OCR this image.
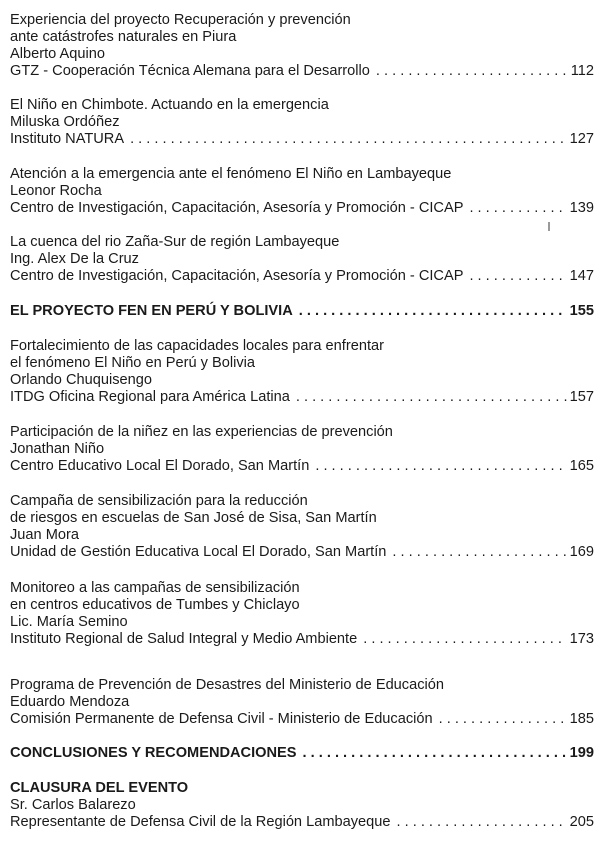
Experiencia del proyecto Recuperación y prevención
ante catástrofes naturales en Piura
Alberto Aquino
GTZ - Cooperación Técnica Alemana para el Desarrollo . . .	112
El Niño en Chimbote. Actuando en la emergencia
Miluska Ordóñez
Instituto NATURA . . .	127
Atención a la emergencia ante el fenómeno El Niño en Lambayeque
Leonor Rocha
Centro de Investigación, Capacitación, Asesoría y Promoción - CICAP . . .	139
La cuenca del rio Zaña-Sur de región Lambayeque
Ing. Alex De la Cruz
Centro de Investigación, Capacitación, Asesoría y Promoción - CICAP . . .	147
EL PROYECTO FEN EN PERÚ Y BOLIVIA . . .	155
Fortalecimiento de las capacidades locales para enfrentar
el fenómeno El Niño en Perú y Bolivia
Orlando Chuquisengo
ITDG Oficina Regional para América Latina . . .	157
Participación de la niñez en las experiencias de prevención
Jonathan Niño
Centro Educativo Local El Dorado, San Martín . . .	165
Campaña de sensibilización para la reducción
de riesgos en escuelas de San José de Sisa, San Martín
Juan Mora
Unidad de Gestión Educativa Local El Dorado, San Martín . . .	169
Monitoreo a las campañas de sensibilización
en centros educativos de Tumbes y Chiclayo
Lic. María Semino
Instituto Regional de Salud Integral y Medio Ambiente . . .	173
Programa de Prevención de Desastres del Ministerio de Educación
Eduardo Mendoza
Comisión Permanente de Defensa Civil - Ministerio de Educación . . .	185
CONCLUSIONES Y RECOMENDACIONES . . .	199
CLAUSURA DEL EVENTO
Sr. Carlos Balarezo
Representante de Defensa Civil de la Región Lambayeque . . .	205
